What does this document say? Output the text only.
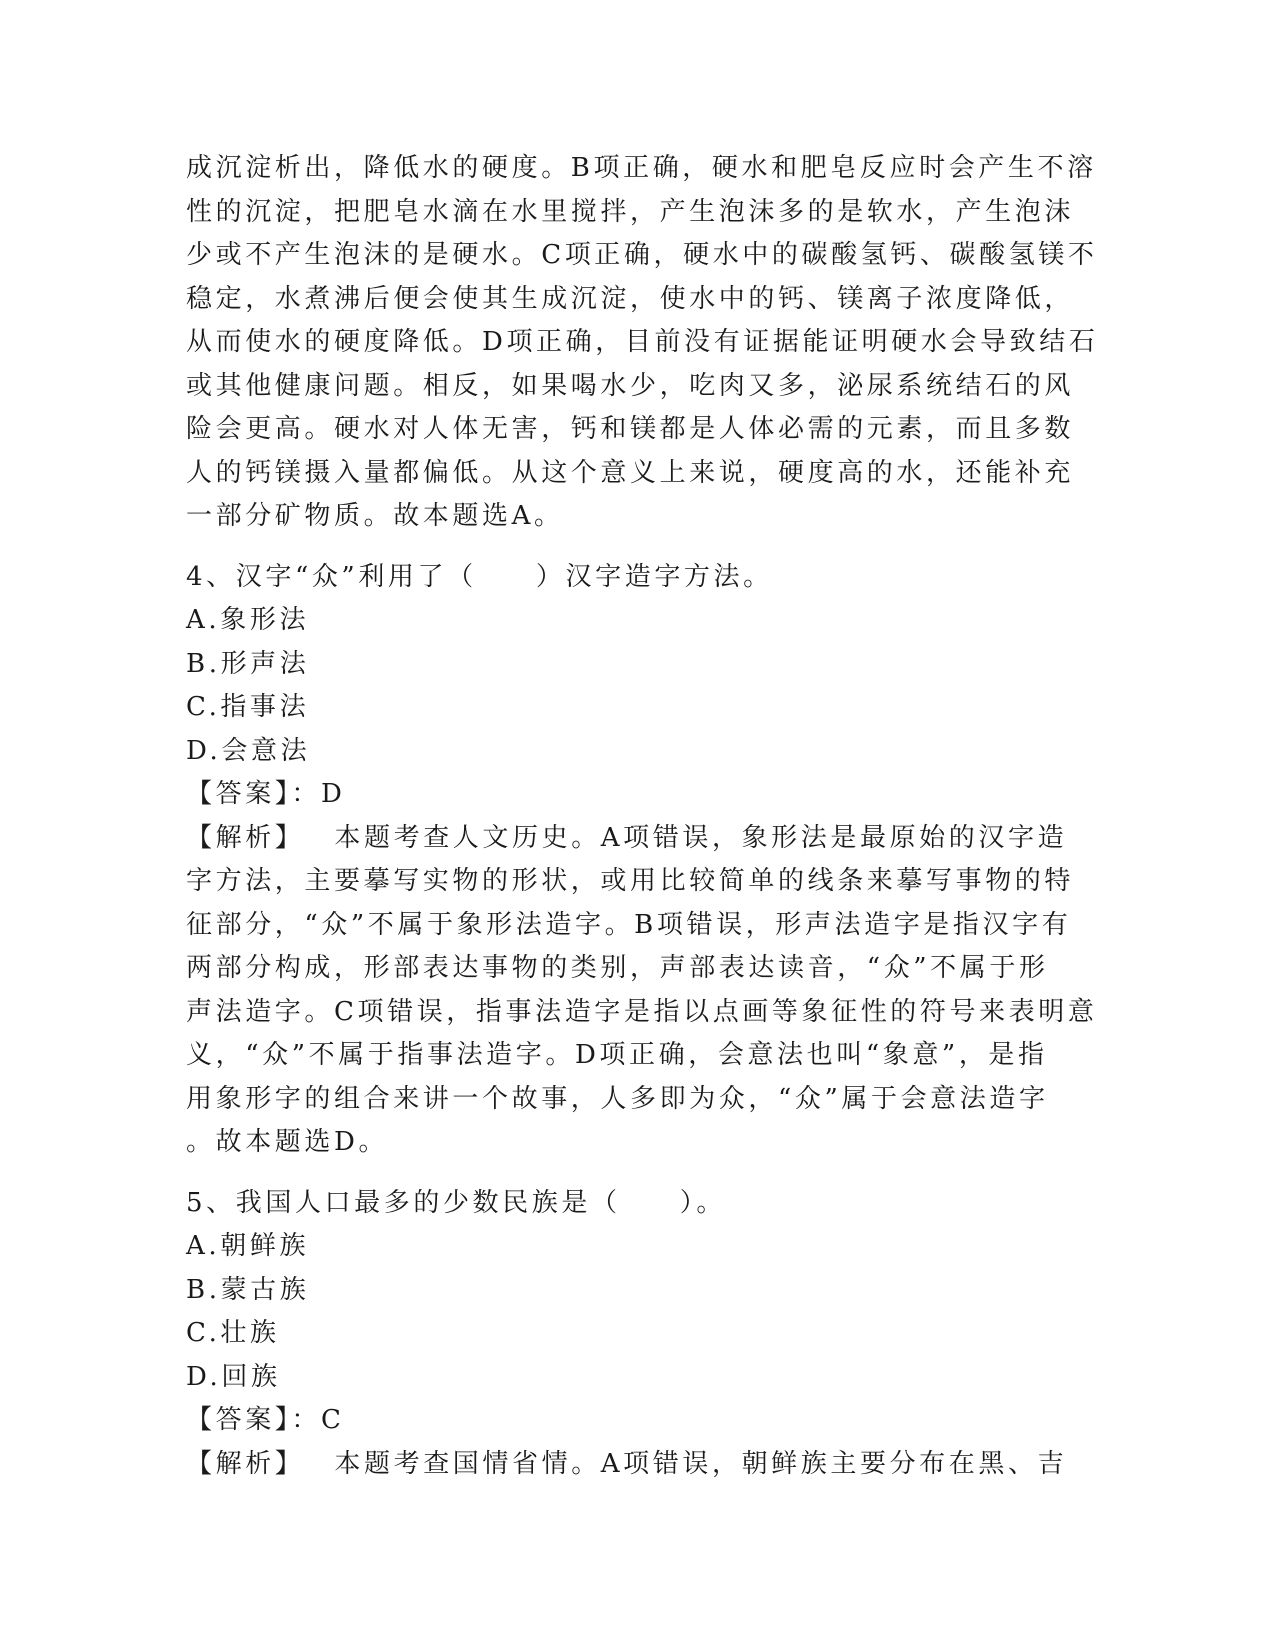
成沉淀析出，降低水的硬度。B项正确，硬水和肥皂反应时会产生不溶
性的沉淀，把肥皂水滴在水里搅拌，产生泡沫多的是软水，产生泡沫
少或不产生泡沫的是硬水。C项正确，硬水中的碳酸氢钙、碳酸氢镁不
稳定，水煮沸后便会使其生成沉淀，使水中的钙、镁离子浓度降低，
从而使水的硬度降低。D项正确，目前没有证据能证明硬水会导致结石
或其他健康问题。相反，如果喝水少，吃肉又多，泌尿系统结石的风
险会更高。硬水对人体无害，钙和镁都是人体必需的元素，而且多数
人的钙镁摄入量都偏低。从这个意义上来说，硬度高的水，还能补充
一部分矿物质。故本题选A。
4、汉字“众”利用了（　　）汉字造字方法。
A.象形法
B.形声法
C.指事法
D.会意法
【答案】：D
【解析】 本题考查人文历史。A项错误，象形法是最原始的汉字造
字方法，主要摹写实物的形状，或用比较简单的线条来摹写事物的特
征部分，“众”不属于象形法造字。B项错误，形声法造字是指汉字有
两部分构成，形部表达事物的类别，声部表达读音，“众”不属于形
声法造字。C项错误，指事法造字是指以点画等象征性的符号来表明意
义，“众”不属于指事法造字。D项正确，会意法也叫“象意”，是指
用象形字的组合来讲一个故事，人多即为众，“众”属于会意法造字
。故本题选D。
5、我国人口最多的少数民族是（　　）。
A.朝鲜族
B.蒙古族
C.壮族
D.回族
【答案】：C
【解析】 本题考查国情省情。A项错误，朝鲜族主要分布在黑、吉
